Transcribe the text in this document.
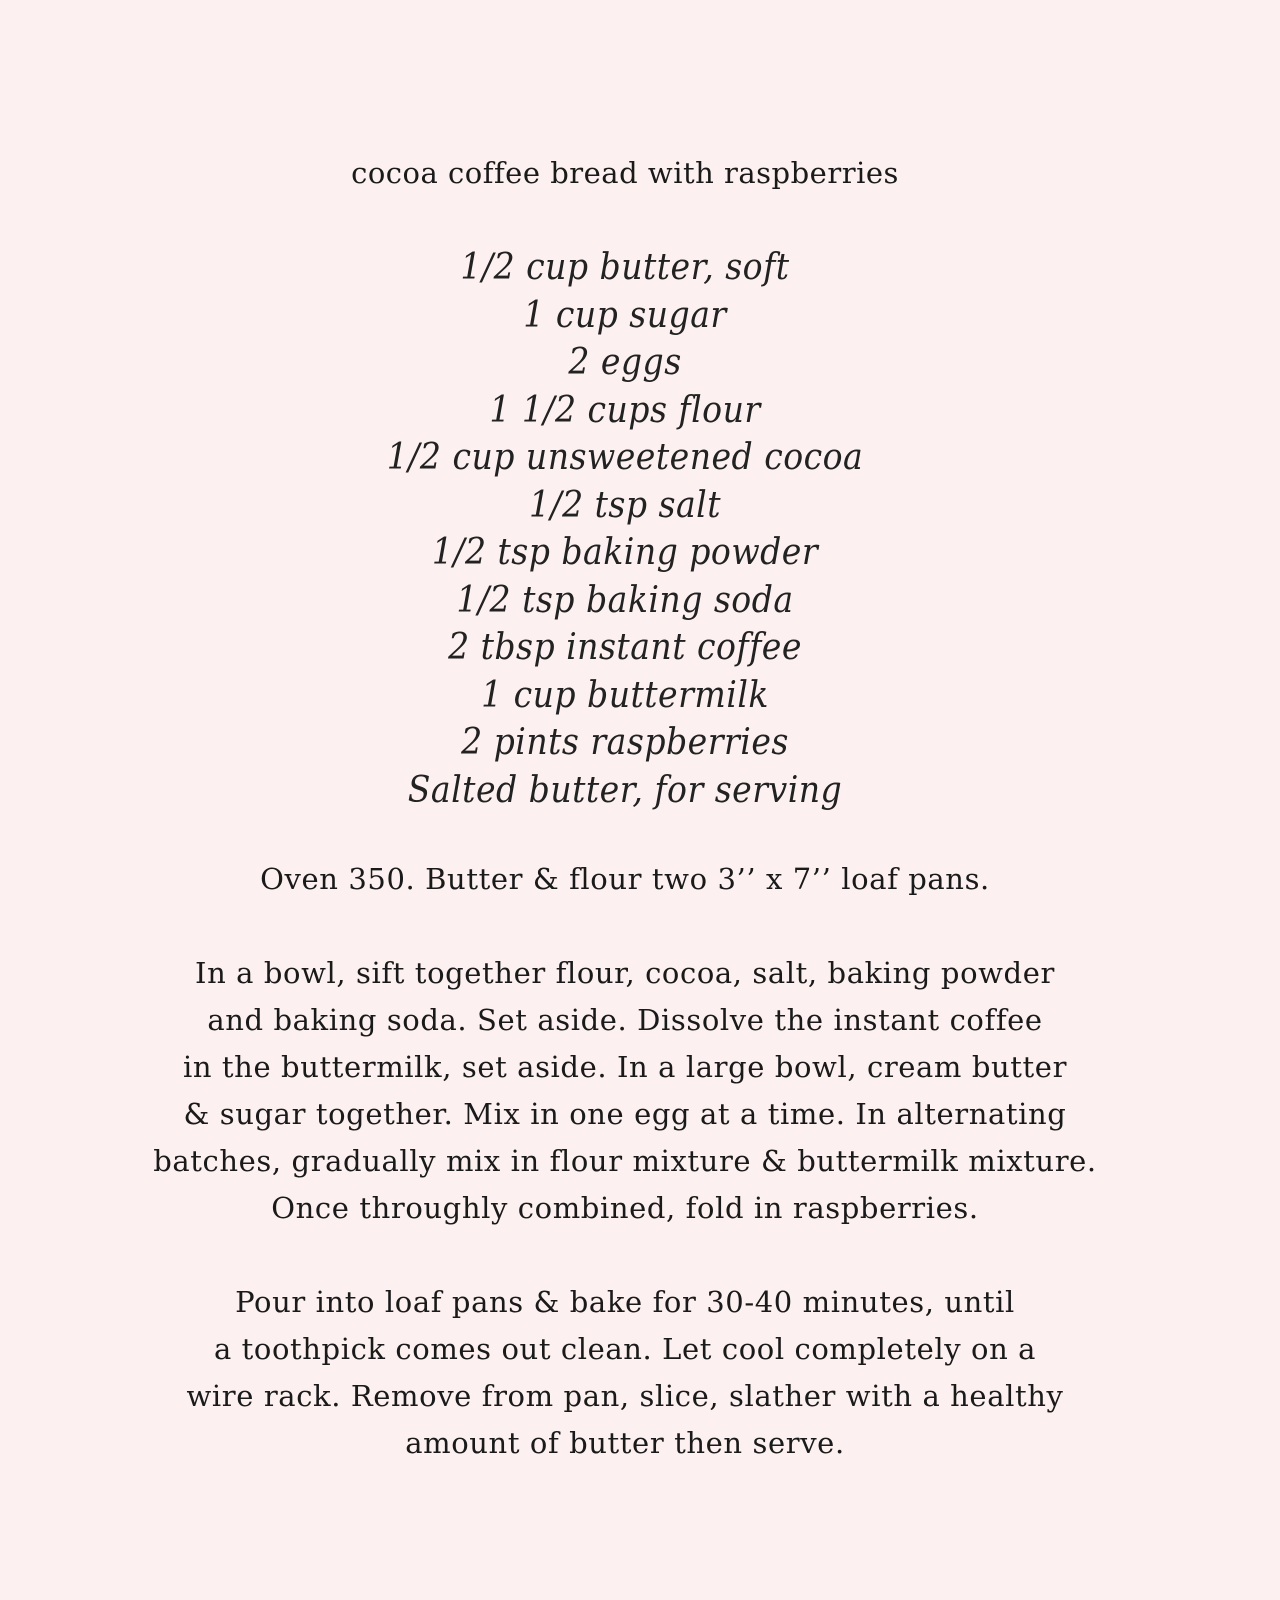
cocoa coffee bread with raspberries
1/2 cup butter, soft
1 cup sugar
2 eggs
1 1/2 cups flour
1/2 cup unsweetened cocoa
1/2 tsp salt
1/2 tsp baking powder
1/2 tsp baking soda
2 tbsp instant coffee
1 cup buttermilk
2 pints raspberries
Salted butter, for serving

Oven 350. Butter & flour two 3’’ x 7’’ loaf pans.

In a bowl, sift together flour, cocoa, salt, baking powder
and baking soda. Set aside. Dissolve the instant coffee
in the buttermilk, set aside. In a large bowl, cream butter
& sugar together. Mix in one egg at a time. In alternating
batches, gradually mix in flour mixture & buttermilk mixture.
Once throughly combined, fold in raspberries.

Pour into loaf pans & bake for 30-40 minutes, until
a toothpick comes out clean. Let cool completely on a
wire rack. Remove from pan, slice, slather with a healthy
amount of butter then serve.
